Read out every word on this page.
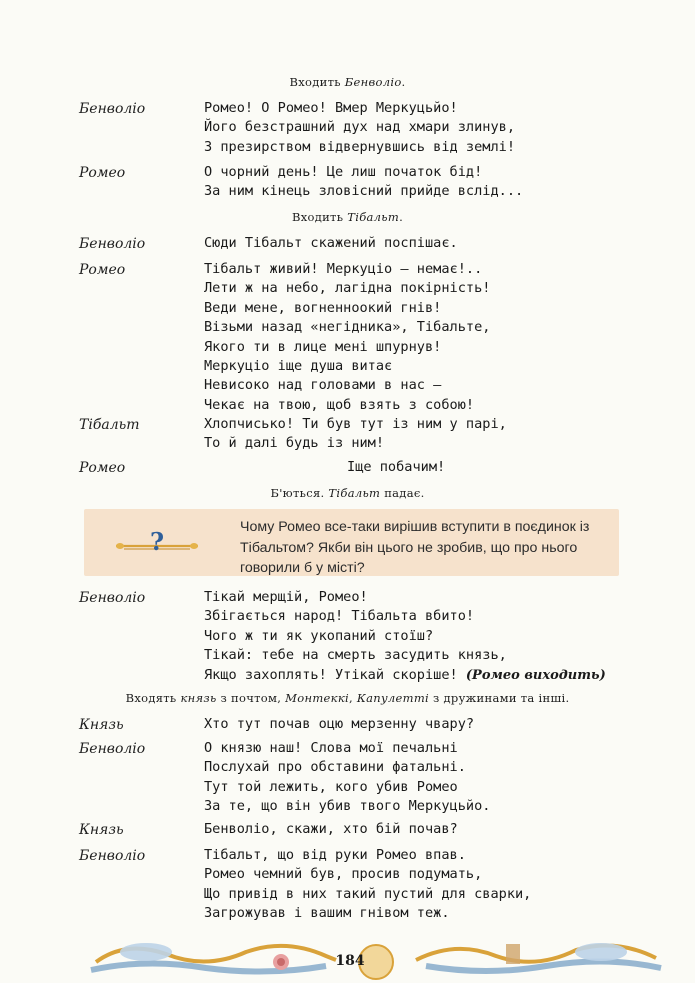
Входить Бенволіо.
Бенволіо	Ромео! О Ромео! Вмер Меркуцьйо!
Його безстрашний дух над хмари злинув,
З презирством відвернувшись від землі!
Ромео	О чорний день! Це лиш початок бід!
За ним кінець зловісний прийде вслід...
Входить Тібальт.
Бенволіо	Сюди Тібальт скажений поспішає.
Ромео	Тібальт живий! Меркуціо — немає!..
Лети ж на небо, лагідна покірність!
Веди мене, вогненноокий гнів!
Візьми назад «негідника», Тібальте,
Якого ти в лице мені шпурнув!
Меркуціо іще душа витає
Невисоко над головами в нас —
Чекає на твою, щоб взять з собою!
Тібальт	Хлопчисько! Ти був тут із ним у парі,
То й далі будь із ним!
Ромео	Іще побачим!
Б'ються. Тібальт падає.
?	Чому Ромео все-таки вирішив вступити в поєдинок із Тібальтом? Якби він цього не зробив, що про нього говорили б у місті?
Бенволіо	Тікай мерщій, Ромео!
Збігається народ! Тібальта вбито!
Чого ж ти як укопаний стоїш?
Тікай: тебе на смерть засудить князь,
Якщо захоплять! Утікай скоріше! (Ромео виходить)
Входять князь з почтом, Монтеккі, Капулетті з дружинами та інші.
Князь	Хто тут почав оцю мерзенну чвару?
Бенволіо	О князю наш! Слова мої печальні
Послухай про обставини фатальні.
Тут той лежить, кого убив Ромео
За те, що він убив твого Меркуцьйо.
Князь	Бенволіо, скажи, хто бій почав?
Бенволіо	Тібальт, що від руки Ромео впав.
Ромео чемний був, просив подумать,
Що привід в них такий пустий для сварки,
Загрожував і вашим гнівом теж.
184
